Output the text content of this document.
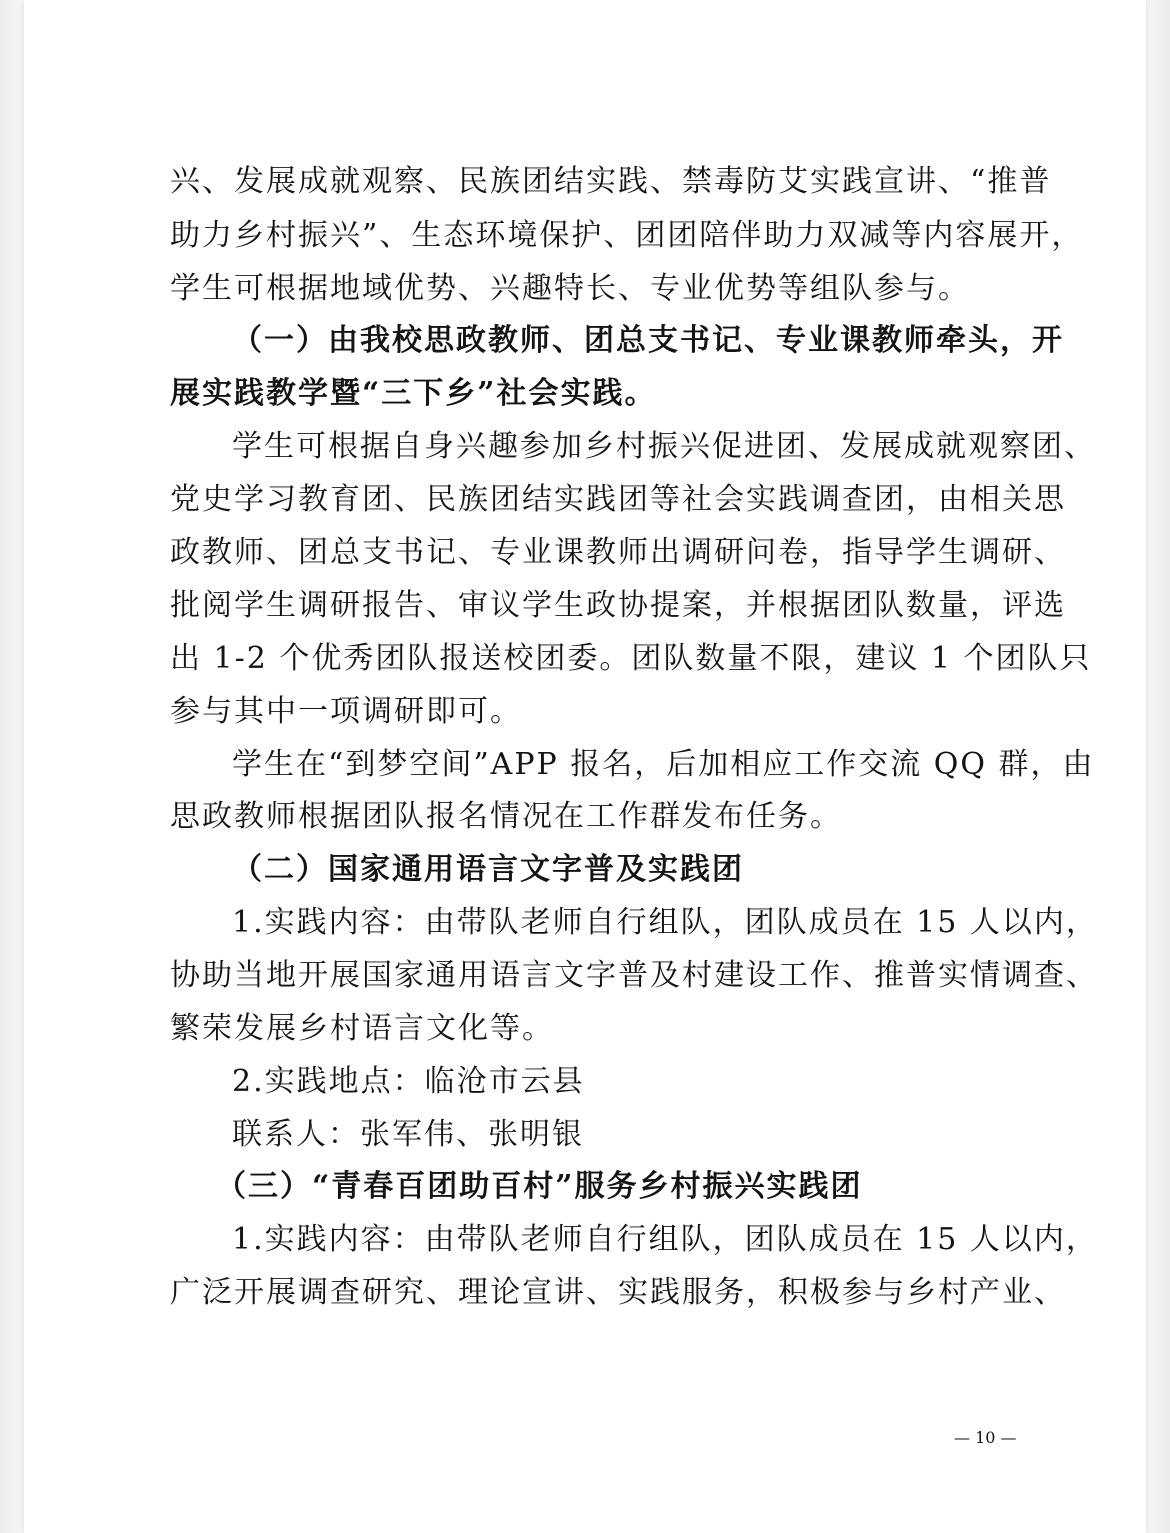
兴、发展成就观察、民族团结实践、禁毒防艾实践宣讲、“推普
助力乡村振兴”、生态环境保护、团团陪伴助力双减等内容展开，
学生可根据地域优势、兴趣特长、专业优势等组队参与。
（一）由我校思政教师、团总支书记、专业课教师牵头，开
展实践教学暨“三下乡”社会实践。
学生可根据自身兴趣参加乡村振兴促进团、发展成就观察团、
党史学习教育团、民族团结实践团等社会实践调查团，由相关思
政教师、团总支书记、专业课教师出调研问卷，指导学生调研、
批阅学生调研报告、审议学生政协提案，并根据团队数量，评选
出 1-2 个优秀团队报送校团委。团队数量不限，建议 1 个团队只
参与其中一项调研即可。
学生在“到梦空间”APP 报名，后加相应工作交流 QQ 群，由
思政教师根据团队报名情况在工作群发布任务。
（二）国家通用语言文字普及实践团
1.实践内容：由带队老师自行组队，团队成员在 15 人以内，
协助当地开展国家通用语言文字普及村建设工作、推普实情调查、
繁荣发展乡村语言文化等。
2.实践地点：临沧市云县
联系人：张军伟、张明银
（三）“青春百团助百村”服务乡村振兴实践团
1.实践内容：由带队老师自行组队，团队成员在 15 人以内，
广泛开展调查研究、理论宣讲、实践服务，积极参与乡村产业、
— 10 —
